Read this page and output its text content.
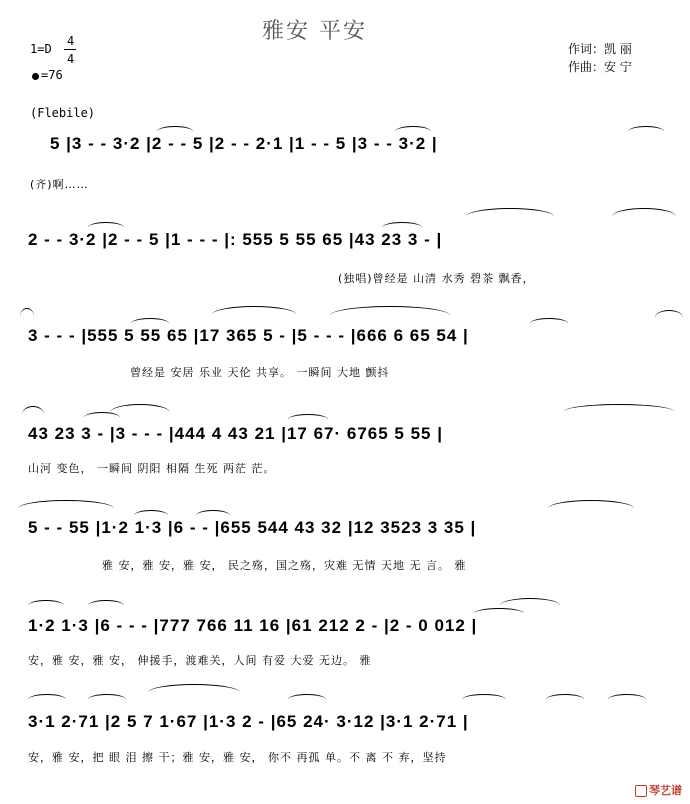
雅安 平安
1=D
4
4
=76
作词：凯 丽
作曲：安 宁
(Flebile)
5 |3 - - 3·2 |2 - - 5 |2 - - 2·1 |1 - - 5 |3 - - 3·2 |
(齐)啊……
2 - - 3·2 |2 - - 5 |1 - - - |: 555 5 55 65 |43 23 3 - |
(独唱)曾经是 山清 水秀 碧茶 飘香，
3 - - - |555 5 55 65 |17 365 5 - |5 - - - |666 6 65 54 |
曾经是 安居 乐业 天伦 共享。 一瞬间 大地 颤抖
43 23 3 - |3 - - - |444 4 43 21 |17 67· 6765 5 55 |
山河 变色， 一瞬间 阴阳 相隔 生死 两茫 茫。
5 - - 55 |1·2 1·3 |6 - - |655 544 43 32 |12 3523 3 35 |
雅 安，雅 安，雅 安， 民之殇，国之殇，灾难 无情 天地 无 言。 雅
1·2 1·3 |6 - - - |777 766 11 16 |61 212 2 - |2 - 0 012 |
安，雅 安，雅 安， 伸援手，渡难关，人间 有爱 大爱 无边。 雅
3·1 2·71 |2 5 7 1·67 |1·3 2 - |65 24· 3·12 |3·1 2·71 |
安，雅 安，把 眼 泪 擦 干；雅 安，雅 安， 你不 再孤 单。不 离 不 弃，坚持
琴艺谱
